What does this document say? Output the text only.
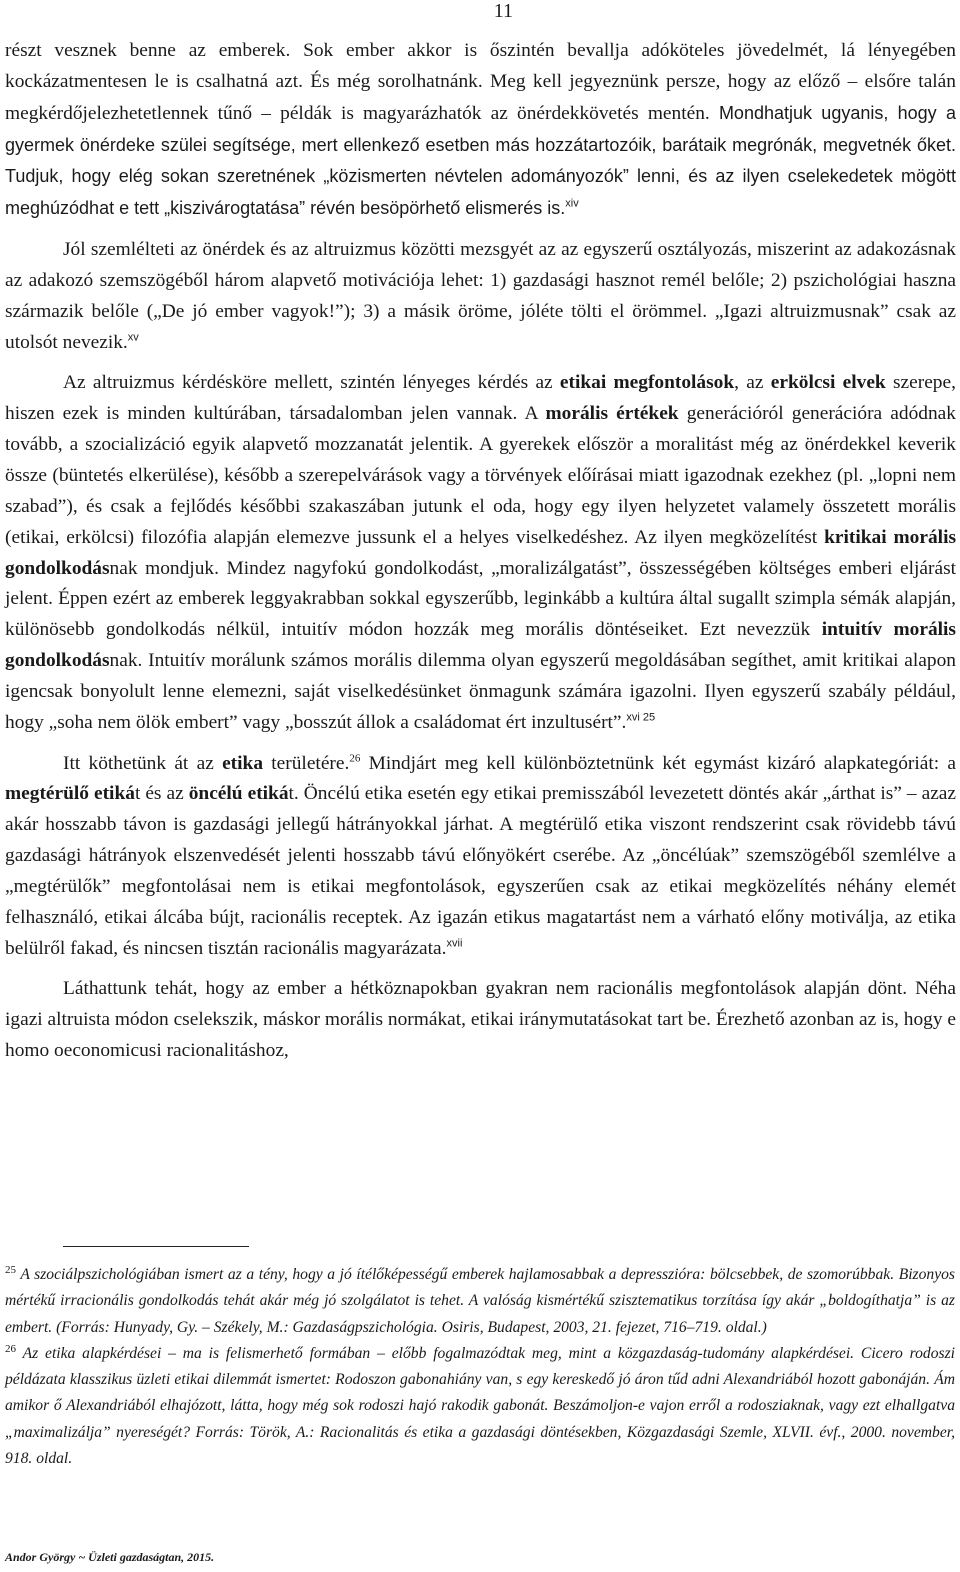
11

részt vesznek benne az emberek. Sok ember akkor is őszintén bevallja adóköteles jövedelmét, lá lényegében kockázatmentesen le is csalhatná azt. És még sorolhatnánk. Meg kell jegyeznünk persze, hogy az előző – elsőre talán megkérdőjelezhetetlennek tűnő – példák is magyarázhatók az önérdekkövetés mentén. Mondhatjuk ugyanis, hogy a gyermek önérdeke szülei segítsége, mert ellenkező esetben más hozzátartozóik, barátaik megrónák, megvetnék őket. Tudjuk, hogy elég sokan szeretnének „közismerten névtelen adományozók” lenni, és az ilyen cselekedetek mögött meghúzódhat e tett „kiszivárogtatása” révén besöpörhető elismerés is.$^{xiv}$

Jól szemlélteti az önérdek és az altruizmus közötti mezsgyét az az egyszerű osztályozás, miszerint az adakozásnak az adakozó szemszögéből három alapvető motivációja lehet: 1) gazdasági hasznot remél belőle; 2) pszichológiai haszna származik belőle („De jó ember vagyok!”); 3) a másik öröme, jóléte tölti el örömmel. „Igazi altruizmusnak” csak az utolsót nevezik.$^{xv}$

Az altruizmus kérdésköre mellett, szintén lényeges kérdés az etikai megfontolások, az erkölcsi elvek szerepe, hiszen ezek is minden kultúrában, társadalomban jelen vannak. A morális értékek generációról generációra adódnak tovább, a szocializáció egyik alapvető mozzanatát jelentik. A gyerekek először a moralitást még az önérdekkel keverik össze (büntetés elkerülése), később a szerepelvárások vagy a törvények előírásai miatt igazodnak ezekhez (pl. „lopni nem szabad”), és csak a fejlődés későbbi szakaszában jutunk el oda, hogy egy ilyen helyzetet valamely összetett morális (etikai, erkölcsi) filozófia alapján elemezve jussunk el a helyes viselkedéshez. Az ilyen megközelítést kritikai morális gondolkodásnak mondjuk. Mindez nagyfokú gondolkodást, „moralizálgatást”, összességében költséges emberi eljárást jelent. Éppen ezért az emberek leggyakrabban sokkal egyszerűbb, leginkább a kultúra által sugallt szimpla sémák alapján, különösebb gondolkodás nélkül, intuitív módon hozzák meg morális döntéseiket. Ezt nevezzük intuitív morális gondolkodásnak. Intuitív morálunk számos morális dilemma olyan egyszerű megoldásában segíthet, amit kritikai alapon igencsak bonyolult lenne elemezni, saját viselkedésünket önmagunk számára igazolni. Ilyen egyszerű szabály például, hogy „soha nem ölök embert” vagy „bosszút állok a családomat ért inzultusért”.$^{xvi 25}$

Itt köthetünk át az etika területére.$^{26}$ Mindjárt meg kell különböztetnünk két egymást kizáró alapkategóriát: a megtérülő etikát és az öncélú etikát. Öncélú etika esetén egy etikai premisszából levezetett döntés akár „árthat is” – azaz akár hosszabb távon is gazdasági jellegű hátrányokkal járhat. A megtérülő etika viszont rendszerint csak rövidebb távú gazdasági hátrányok elszenvedését jelenti hosszabb távú előnyökért cserébe. Az „öncélúak” szemszögéből szemlélve a „megtérülők” megfontolásai nem is etikai megfontolások, egyszerűen csak az etikai megközelítés néhány elemét felhasználó, etikai álcába bújt, racionális receptek. Az igazán etikus magatartást nem a várható előny motiválja, az etika belülről fakad, és nincsen tisztán racionális magyarázata.$^{xvii}$

Láthattunk tehát, hogy az ember a hétköznapokban gyakran nem racionális megfontolások alapján dönt. Néha igazi altruista módon cselekszik, máskor morális normákat, etikai iránymutatásokat tart be. Érezhető azonban az is, hogy e homo oeconomicusi racionalitáshoz,

$^{25}$ A szociálpszichológiában ismert az a tény, hogy a jó ítélőképességű emberek hajlamosabbak a depresszióra: bölcsebbek, de szomorúbbak. Bizonyos mértékű irracionális gondolkodás tehát akár még jó szolgálatot is tehet. A valóság kismértékű szisztematikus torzítása így akár „boldogíthatja” is az embert. (Forrás: Hunyady, Gy. – Székely, M.: Gazdaságpszichológia. Osiris, Budapest, 2003, 21. fejezet, 716–719. oldal.)

$^{26}$ Az etika alapkérdései – ma is felismerhető formában – előbb fogalmazódtak meg, mint a közgazdaság-tudomány alapkérdései. Cicero rodoszi példázata klasszikus üzleti etikai dilemmát ismertet: Rodoszon gabonahiány van, s egy kereskedő jó áron tűd adni Alexandriából hozott gabonáján. Ám amikor ő Alexandriából elhajózott, látta, hogy még sok rodoszi hajó rakodik gabonát. Beszámoljon-e vajon erről a rodosziaknak, vagy ezt elhallgatva „maximalizálja” nyereségét? Forrás: Török, A.: Racionalitás és etika a gazdasági döntésekben, Közgazdasági Szemle, XLVII. évf., 2000. november, 918. oldal.

Andor György ~ Üzleti gazdaságtan, 2015.
